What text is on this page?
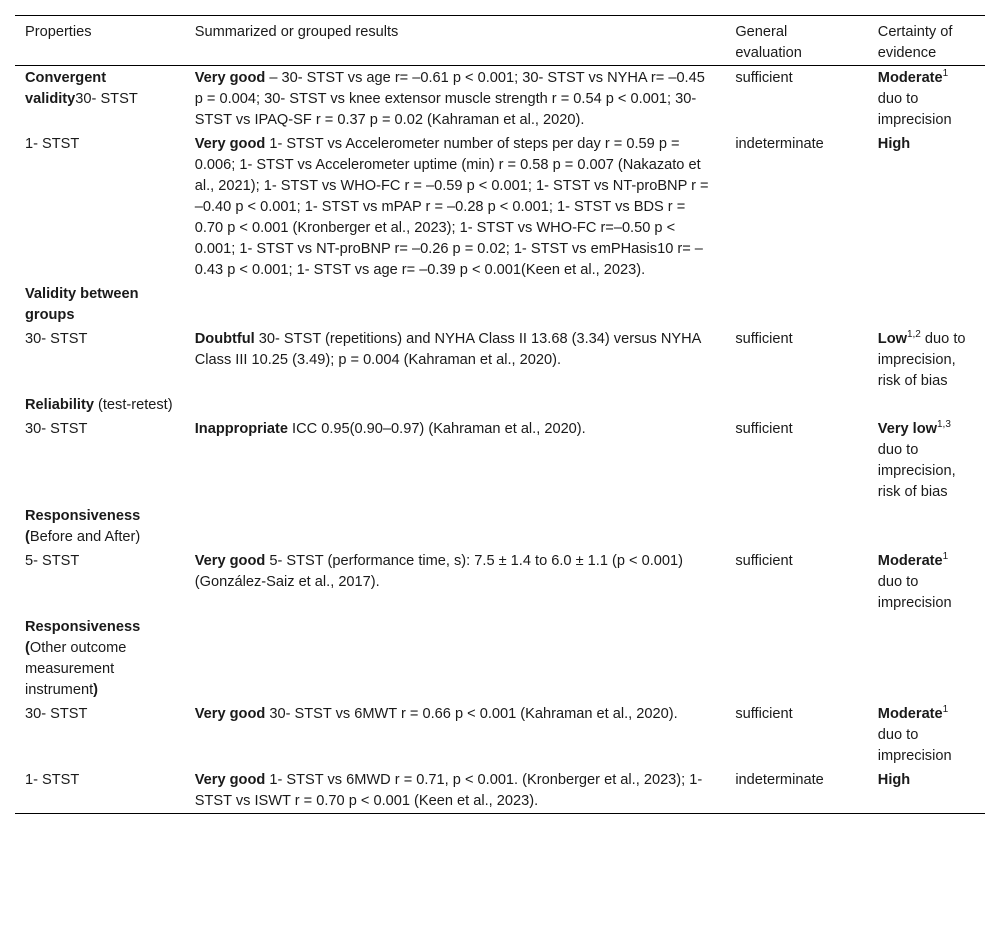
Properties	Summarized or grouped results	General evaluation	Certainty of evidence
Convergent validity30- STST	Very good – 30- STST vs age r= –0.61 p < 0.001; 30- STST vs NYHA r= –0.45 p = 0.004; 30- STST vs knee extensor muscle strength r = 0.54 p < 0.001; 30- STST vs IPAQ-SF r = 0.37 p = 0.02 (Kahraman et al., 2020).	sufficient	Moderate$^1$ duo to imprecision
1- STST	Very good 1- STST vs Accelerometer number of steps per day r = 0.59 p = 0.006; 1- STST vs Accelerometer uptime (min) r = 0.58 p = 0.007 (Nakazato et al., 2021); 1- STST vs WHO-FC r = –0.59 p < 0.001; 1- STST vs NT-proBNP r = –0.40 p < 0.001; 1- STST vs mPAP r = –0.28 p < 0.001; 1- STST vs BDS r = 0.70 p < 0.001 (Kronberger et al., 2023); 1- STST vs WHO-FC r=–0.50 p < 0.001; 1- STST vs NT-proBNP r= –0.26 p = 0.02; 1- STST vs emPHasis10 r= –0.43 p < 0.001; 1- STST vs age r= –0.39 p < 0.001(Keen et al., 2023).	indeterminate	High
Validity between groups			
30- STST	Doubtful 30- STST (repetitions) and NYHA Class II 13.68 (3.34) versus NYHA Class III 10.25 (3.49); p = 0.004 (Kahraman et al., 2020).	sufficient	Low$^{1,2}$ duo to imprecision, risk of bias
Reliability (test-retest)			
30- STST	Inappropriate ICC 0.95(0.90–0.97) (Kahraman et al., 2020).	sufficient	Very low$^{1,3}$ duo to imprecision, risk of bias
Responsiveness (Before and After)			
5- STST	Very good 5- STST (performance time, s): 7.5 ± 1.4 to 6.0 ± 1.1 (p < 0.001) (González-Saiz et al., 2017).	sufficient	Moderate$^1$ duo to imprecision
Responsiveness (Other outcome measurement instrument)			
30- STST	Very good 30- STST vs 6MWT r = 0.66 p < 0.001 (Kahraman et al., 2020).	sufficient	Moderate$^1$ duo to imprecision
1- STST	Very good 1- STST vs 6MWD r = 0.71, p < 0.001. (Kronberger et al., 2023); 1-STST vs ISWT r = 0.70 p < 0.001 (Keen et al., 2023).	indeterminate	High
